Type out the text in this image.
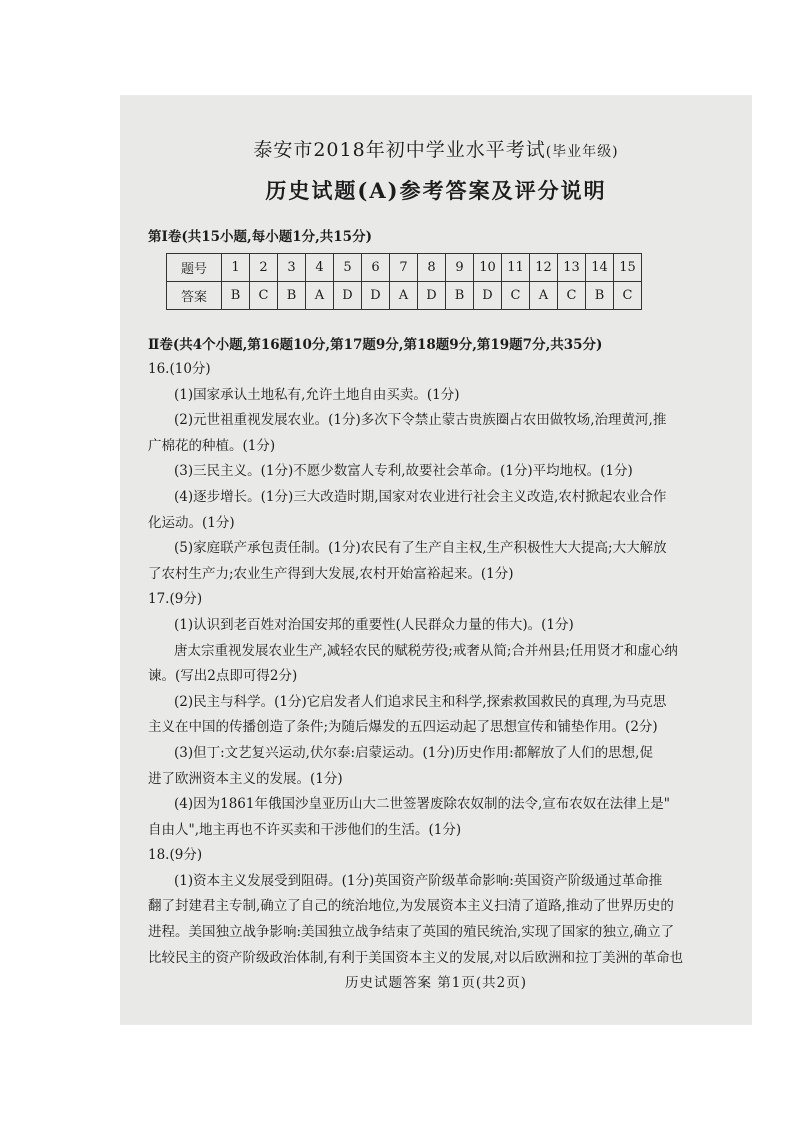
泰安市2018年初中学业水平考试(毕业年级)
历史试题(A)参考答案及评分说明
第Ⅰ卷(共15小题,每小题1分,共15分)
题号	1	2	3	4	5	6	7	8	9	10	11	12	13	14	15
答案	B	C	B	A	D	D	A	D	B	D	C	A	C	B	C
Ⅱ卷(共4个小题,第16题10分,第17题9分,第18题9分,第19题7分,共35分)

16.(10分)

(1)国家承认土地私有,允许土地自由买卖。(1分)

(2)元世祖重视发展农业。(1分)多次下令禁止蒙古贵族圈占农田做牧场,治理黄河,推

广棉花的种植。(1分)

(3)三民主义。(1分)不愿少数富人专利,故要社会革命。(1分)平均地权。(1分)

(4)逐步增长。(1分)三大改造时期,国家对农业进行社会主义改造,农村掀起农业合作

化运动。(1分)

(5)家庭联产承包责任制。(1分)农民有了生产自主权,生产积极性大大提高;大大解放

了农村生产力;农业生产得到大发展,农村开始富裕起来。(1分)

17.(9分)

(1)认识到老百姓对治国安邦的重要性(人民群众力量的伟大)。(1分)

唐太宗重视发展农业生产,减轻农民的赋税劳役;戒奢从简;合并州县;任用贤才和虚心纳

谏。(写出2点即可得2分)

(2)民主与科学。(1分)它启发者人们追求民主和科学,探索救国救民的真理,为马克思

主义在中国的传播创造了条件;为随后爆发的五四运动起了思想宣传和铺垫作用。(2分)

(3)但丁:文艺复兴运动,伏尔泰:启蒙运动。(1分)历史作用:都解放了人们的思想,促

进了欧洲资本主义的发展。(1分)

(4)因为1861年俄国沙皇亚历山大二世签署废除农奴制的法令,宣布农奴在法律上是"

自由人",地主再也不许买卖和干涉他们的生活。(1分)

18.(9分)

(1)资本主义发展受到阻碍。(1分)英国资产阶级革命影响:英国资产阶级通过革命推

翻了封建君主专制,确立了自己的统治地位,为发展资本主义扫清了道路,推动了世界历史的

进程。美国独立战争影响:美国独立战争结束了英国的殖民统治,实现了国家的独立,确立了

比较民主的资产阶级政治体制,有利于美国资本主义的发展,对以后欧洲和拉丁美洲的革命也

历史试题答案 第1页(共2页)
